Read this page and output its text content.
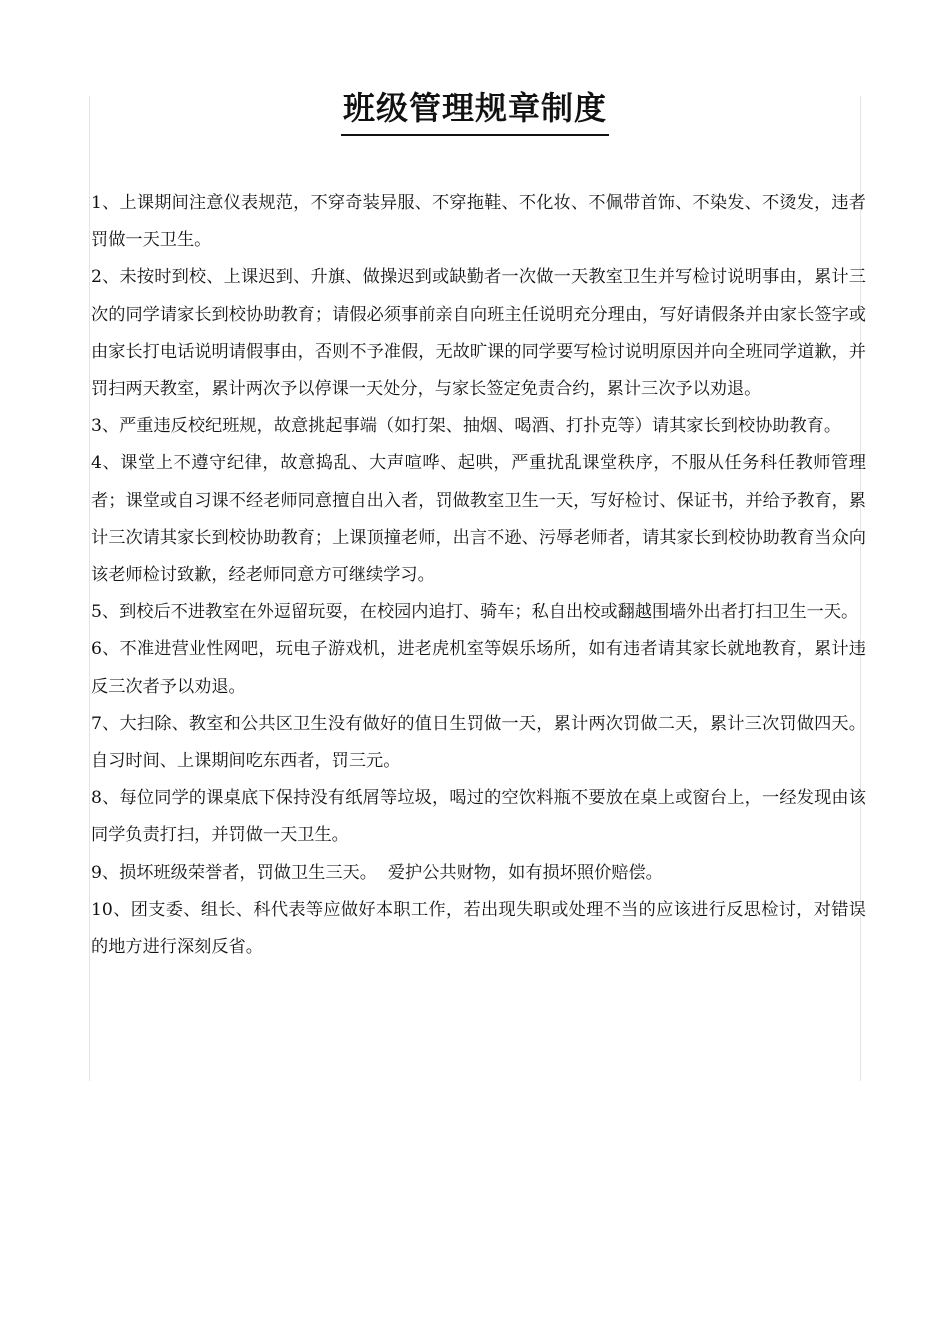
班级管理规章制度
1、上课期间注意仪表规范，不穿奇装异服、不穿拖鞋、不化妆、不佩带首饰、不染发、不烫发，违者罚做一天卫生。
2、未按时到校、上课迟到、升旗、做操迟到或缺勤者一次做一天教室卫生并写检讨说明事由，累计三次的同学请家长到校协助教育；请假必须事前亲自向班主任说明充分理由，写好请假条并由家长签字或由家长打电话说明请假事由，否则不予准假，无故旷课的同学要写检讨说明原因并向全班同学道歉，并罚扫两天教室，累计两次予以停课一天处分，与家长签定免责合约，累计三次予以劝退。
3、严重违反校纪班规，故意挑起事端（如打架、抽烟、喝酒、打扑克等）请其家长到校协助教育。
4、课堂上不遵守纪律，故意捣乱、大声喧哗、起哄，严重扰乱课堂秩序，不服从任务科任教师管理者；课堂或自习课不经老师同意擅自出入者，罚做教室卫生一天，写好检讨、保证书，并给予教育，累计三次请其家长到校协助教育；上课顶撞老师，出言不逊、污辱老师者，请其家长到校协助教育当众向该老师检讨致歉，经老师同意方可继续学习。
5、到校后不进教室在外逗留玩耍，在校园内追打、骑车；私自出校或翻越围墙外出者打扫卫生一天。
6、不准进营业性网吧，玩电子游戏机，进老虎机室等娱乐场所，如有违者请其家长就地教育，累计违反三次者予以劝退。
7、大扫除、教室和公共区卫生没有做好的值日生罚做一天，累计两次罚做二天，累计三次罚做四天。自习时间、上课期间吃东西者，罚三元。
8、每位同学的课桌底下保持没有纸屑等垃圾，喝过的空饮料瓶不要放在桌上或窗台上，一经发现由该同学负责打扫，并罚做一天卫生。
9、损坏班级荣誉者，罚做卫生三天。  爱护公共财物，如有损坏照价赔偿。
10、团支委、组长、科代表等应做好本职工作，若出现失职或处理不当的应该进行反思检讨，对错误的地方进行深刻反省。
